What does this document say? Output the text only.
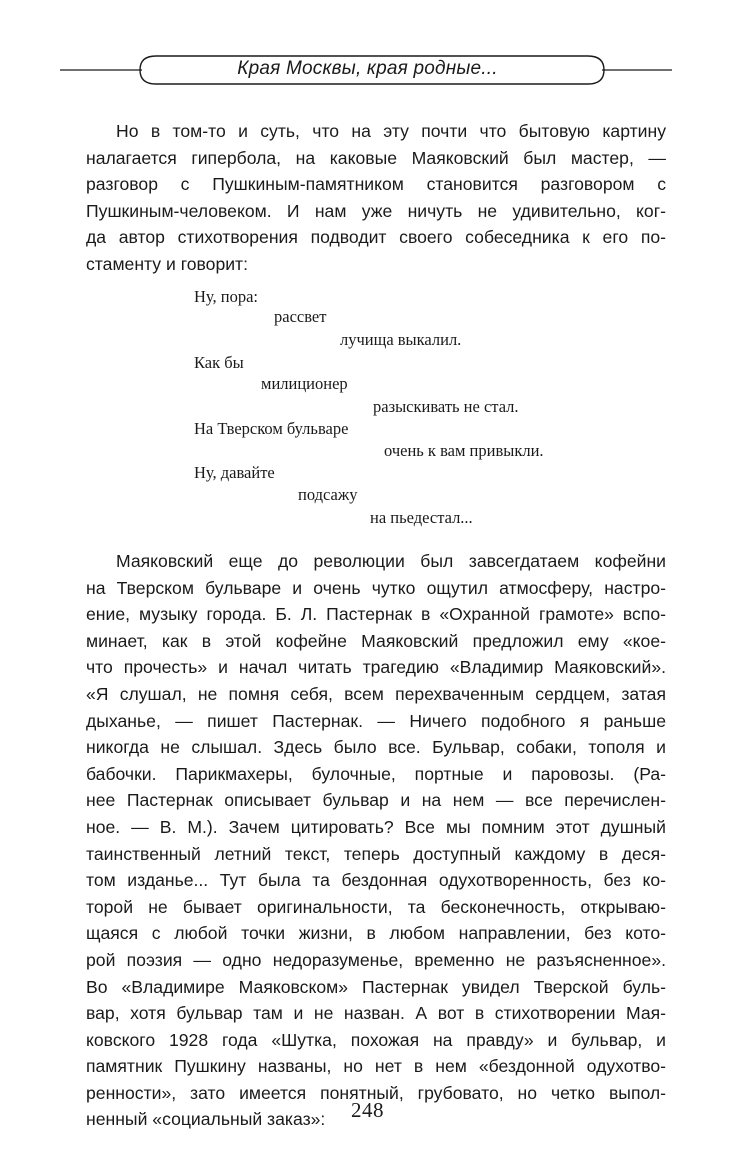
Края Москвы, края родные...
Но в том-то и суть, что на эту почти что бытовую картину
налагается гипербола, на каковые Маяковский был мастер, —
разговор с Пушкиным-памятником становится разговором с
Пушкиным-человеком. И нам уже ничуть не удивительно, ког-
да автор стихотворения подводит своего собеседника к его по-
стаменту и говорит:
Ну, пора:
рассвет
лучища выкалил.
Как бы
милиционер
разыскивать не стал.
На Тверском бульваре
очень к вам привыкли.
Ну, давайте
подсажу
на пьедестал...
Маяковский еще до революции был завсегдатаем кофейни
на Тверском бульваре и очень чутко ощутил атмосферу, настро-
ение, музыку города. Б. Л. Пастернак в «Охранной грамоте» вспо-
минает, как в этой кофейне Маяковский предложил ему «кое-
что прочесть» и начал читать трагедию «Владимир Маяковский».
«Я слушал, не помня себя, всем перехваченным сердцем, затая
дыханье, — пишет Пастернак. — Ничего подобного я раньше
никогда не слышал. Здесь было все. Бульвар, собаки, тополя и
бабочки. Парикмахеры, булочные, портные и паровозы. (Ра-
нее Пастернак описывает бульвар и на нем — все перечислен-
ное. — В. М.). Зачем цитировать? Все мы помним этот душный
таинственный летний текст, теперь доступный каждому в деся-
том изданье... Тут была та бездонная одухотворенность, без ко-
торой не бывает оригинальности, та бесконечность, открываю-
щаяся с любой точки жизни, в любом направлении, без кото-
рой поэзия — одно недоразуменье, временно не разъясненное».
Во «Владимире Маяковском» Пастернак увидел Тверской буль-
вар, хотя бульвар там и не назван. А вот в стихотворении Мая-
ковского 1928 года «Шутка, похожая на правду» и бульвар, и
памятник Пушкину названы, но нет в нем «бездонной одухотво-
ренности», зато имеется понятный, грубовато, но четко выпол-
ненный «социальный заказ»:	248
